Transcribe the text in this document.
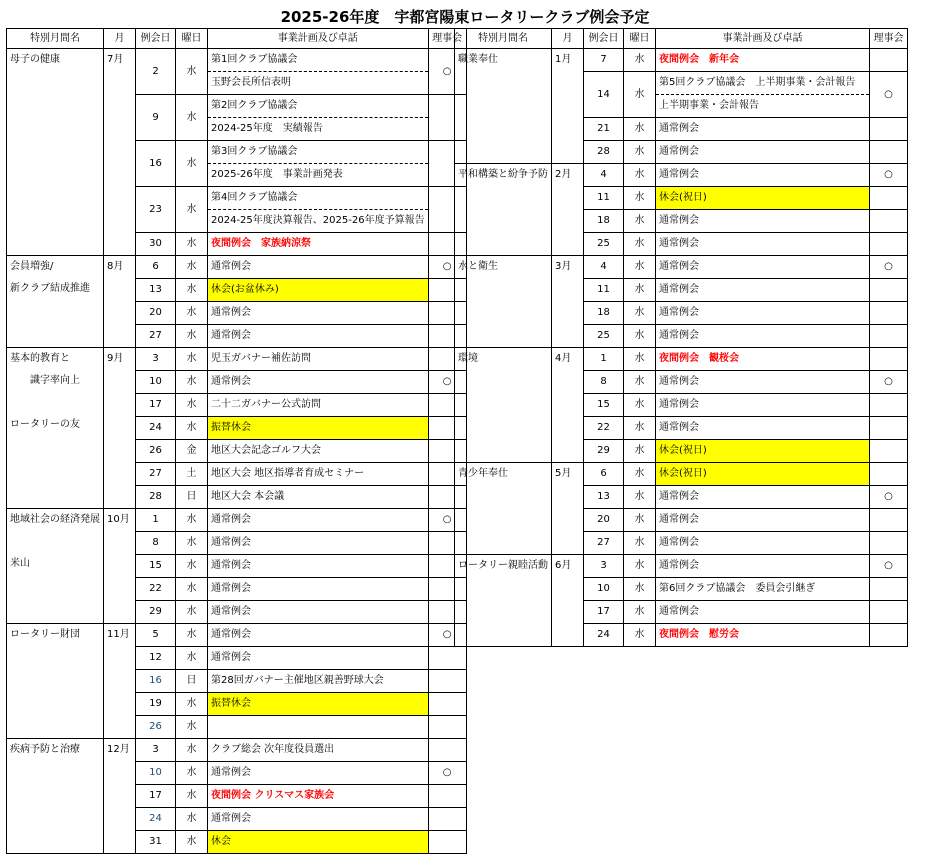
2025-26年度　宇都宮陽東ロータリークラブ例会予定
特別月間名	月	例会日	曜日	事業計画及び卓話	理事会

母子の健康	7月	2	水	第1回クラブ協議会	○
				玉野会長所信表明	
		9	水	第2回クラブ協議会	
				2024-25年度　実績報告	
		16	水	第3回クラブ協議会	
				2025-26年度　事業計画発表	
		23	水	第4回クラブ協議会	
				2024-25年度決算報告、2025-26年度予算報告	
		30	水	夜間例会　家族納涼祭	

会員増強/
新クラブ結成推進	8月	6	水	通常例会	○
		13	水	休会(お盆休み)	
		20	水	通常例会	
		27	水	通常例会	

基本的教育と
　　識字率向上
ロータリーの友	9月	3	水	児玉ガバナー補佐訪問	
		10	水	通常例会	○
		17	水	二十二ガバナー公式訪問	
		24	水	振替休会	
		26	金	地区大会記念ゴルフ大会	
		27	土	地区大会 地区指導者育成セミナー	
		28	日	地区大会 本会議	

地域社会の経済発展
米山	10月	1	水	通常例会	○
		8	水	通常例会	
		15	水	通常例会	
		22	水	通常例会	
		29	水	通常例会	

ロータリー財団	11月	5	水	通常例会	○
		12	水	通常例会	
		16	日	第28回ガバナー主催地区親善野球大会	
		19	水	振替休会	
		26	水		

疾病予防と治療	12月	3	水	クラブ総会 次年度役員選出	
		10	水	通常例会	○
		17	水	夜間例会 クリスマス家族会	
		24	水	通常例会	
		31	水	休会	
特別月間名	月	例会日	曜日	事業計画及び卓話	理事会

職業奉仕	1月	7	水	夜間例会　新年会	
		14	水	第5回クラブ協議会　上半期事業・会計報告	○
				上半期事業・会計報告	
		21	水	通常例会	
		28	水	通常例会	

平和構築と紛争予防	2月	4	水	通常例会	○
		11	水	休会(祝日)	
		18	水	通常例会	
		25	水	通常例会	

水と衛生	3月	4	水	通常例会	○
		11	水	通常例会	
		18	水	通常例会	
		25	水	通常例会	

環境	4月	1	水	夜間例会　観桜会	
		8	水	通常例会	○
		15	水	通常例会	
		22	水	通常例会	
		29	水	休会(祝日)	

青少年奉仕	5月	6	水	休会(祝日)	
		13	水	通常例会	○
		20	水	通常例会	
		27	水	通常例会	

ロータリー親睦活動	6月	3	水	通常例会	○
		10	水	第6回クラブ協議会　委員会引継ぎ	
		17	水	通常例会	
		24	水	夜間例会　慰労会	
